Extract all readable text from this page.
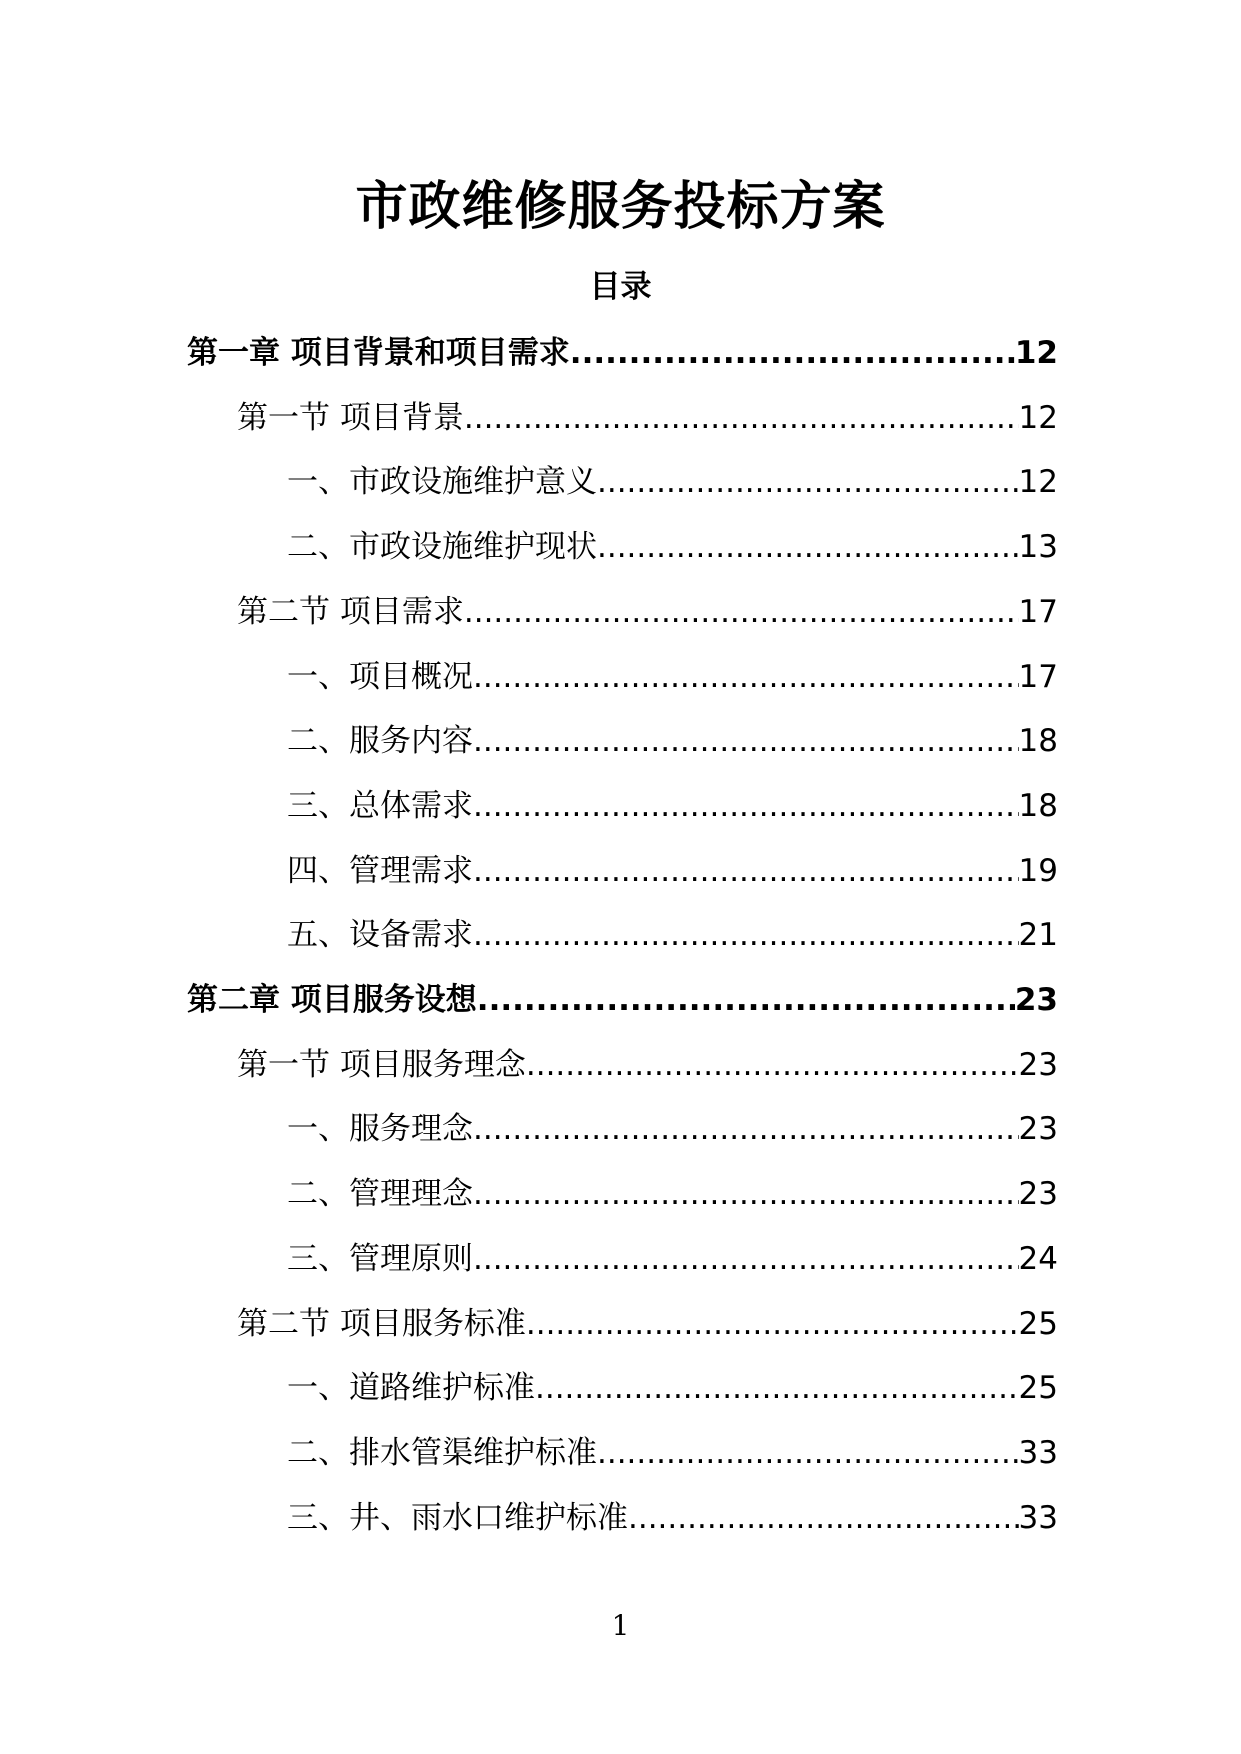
市政维修服务投标方案
目录
第一章 项目背景和项目需求 .....	12
第一节 项目背景 .....	12
一、市政设施维护意义 .....	12
二、市政设施维护现状 .....	13
第二节 项目需求 .....	17
一、项目概况 .....	17
二、服务内容 .....	18
三、总体需求 .....	18
四、管理需求 .....	19
五、设备需求 .....	21
第二章 项目服务设想 .....	23
第一节 项目服务理念 .....	23
一、服务理念 .....	23
二、管理理念 .....	23
三、管理原则 .....	24
第二节 项目服务标准 .....	25
一、道路维护标准 .....	25
二、排水管渠维护标准 .....	33
三、井、雨水口维护标准 .....	33
1
